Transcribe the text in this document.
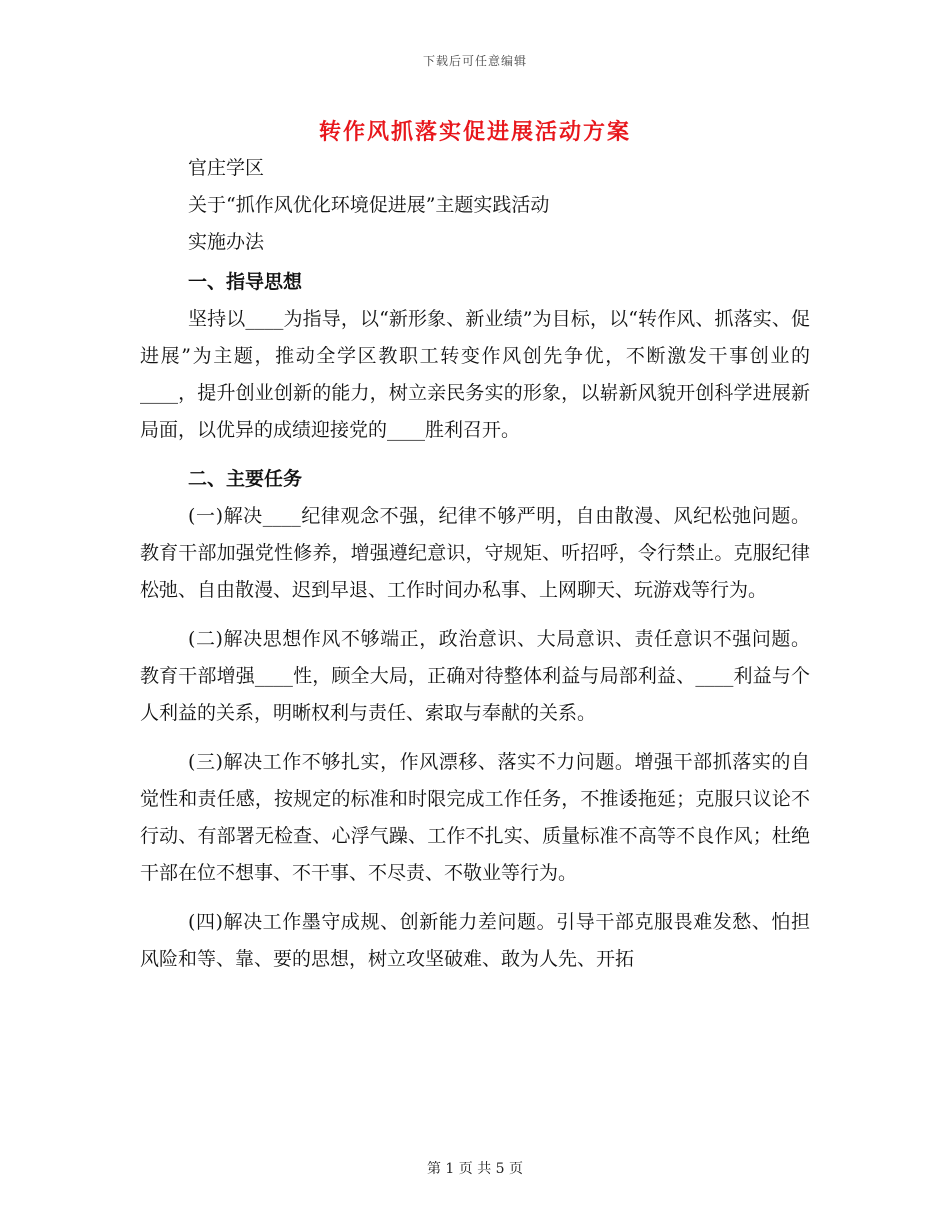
下载后可任意编辑
转作风抓落实促进展活动方案

官庄学区

关于“抓作风优化环境促进展”主题实践活动

实施办法

一、指导思想

坚持以____为指导，以“新形象、新业绩”为目标，以“转作风、抓落实、促进展”为主题，推动全学区教职工转变作风创先争优，不断激发干事创业的____，提升创业创新的能力，树立亲民务实的形象，以崭新风貌开创科学进展新局面，以优异的成绩迎接党的____胜利召开。

二、主要任务

(一)解决____纪律观念不强，纪律不够严明，自由散漫、风纪松弛问题。教育干部加强党性修养，增强遵纪意识，守规矩、听招呼，令行禁止。克服纪律松弛、自由散漫、迟到早退、工作时间办私事、上网聊天、玩游戏等行为。

(二)解决思想作风不够端正，政治意识、大局意识、责任意识不强问题。教育干部增强____性，顾全大局，正确对待整体利益与局部利益、____利益与个人利益的关系，明晰权利与责任、索取与奉献的关系。

(三)解决工作不够扎实，作风漂移、落实不力问题。增强干部抓落实的自觉性和责任感，按规定的标准和时限完成工作任务，不推诿拖延；克服只议论不行动、有部署无检查、心浮气躁、工作不扎实、质量标准不高等不良作风；杜绝干部在位不想事、不干事、不尽责、不敬业等行为。

(四)解决工作墨守成规、创新能力差问题。引导干部克服畏难发愁、怕担风险和等、靠、要的思想，树立攻坚破难、敢为人先、开拓

第 1 页 共 5 页
